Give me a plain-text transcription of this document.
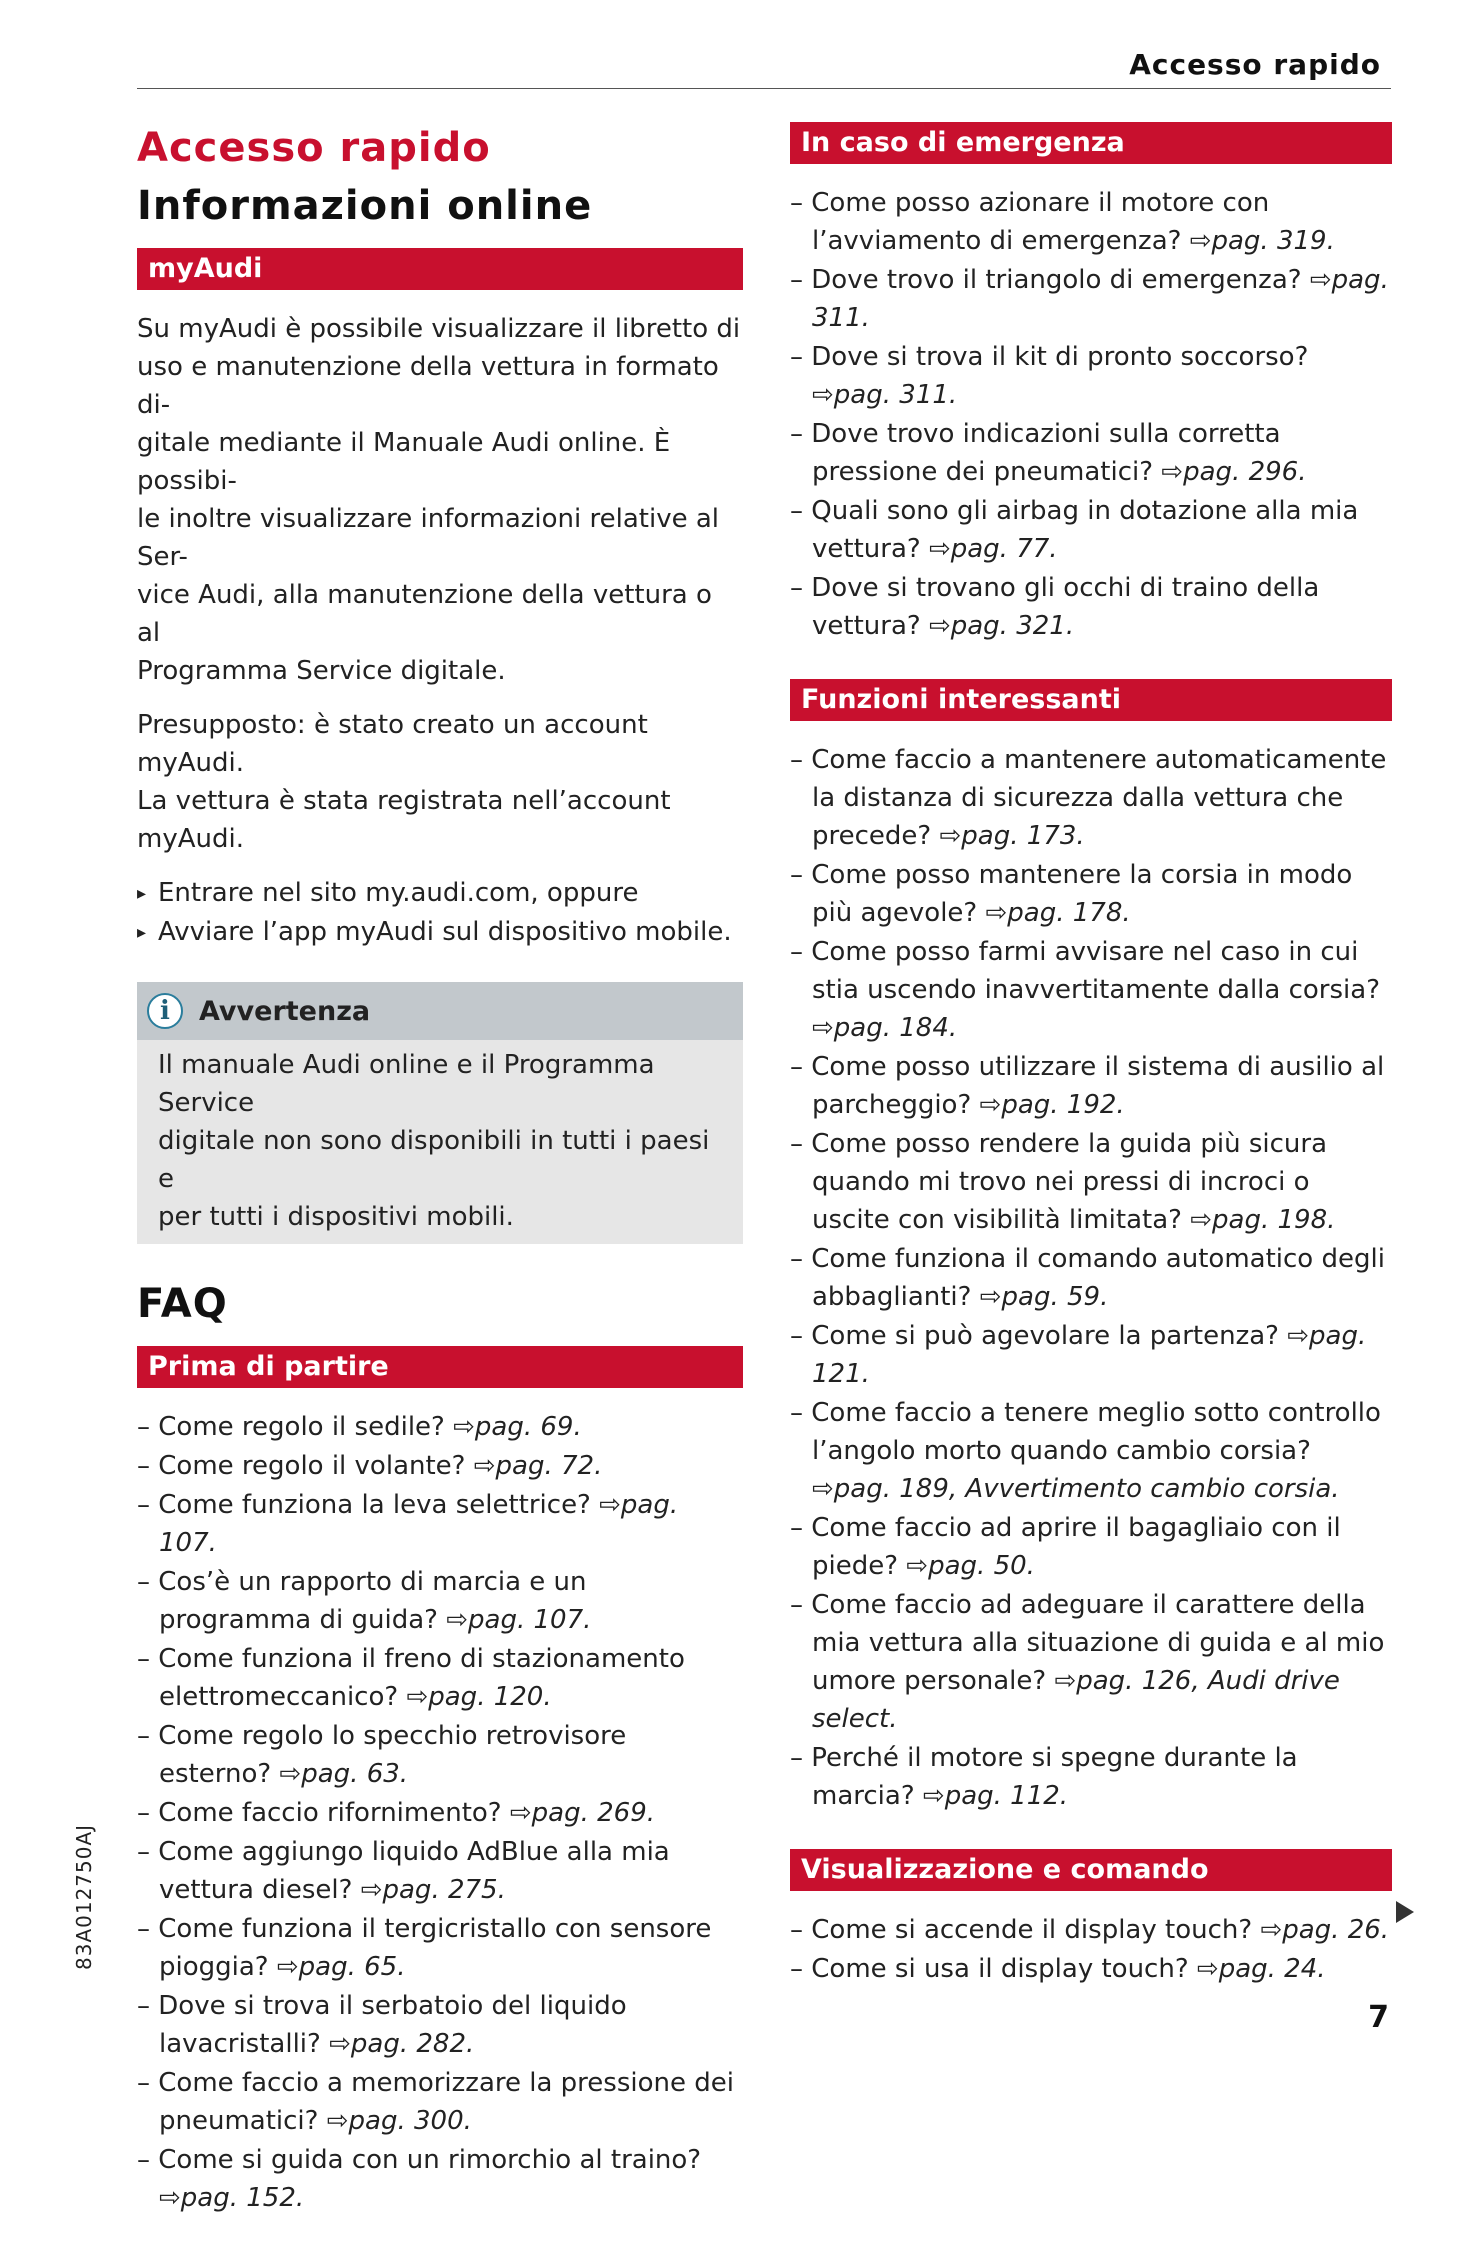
Accesso rapido
Accesso rapido
Informazioni online
myAudi
Su myAudi è possibile visualizzare il libretto di
uso e manutenzione della vettura in formato di-
gitale mediante il Manuale Audi online. È possibi-
le inoltre visualizzare informazioni relative al Ser-
vice Audi, alla manutenzione della vettura o al
Programma Service digitale.
Presupposto: è stato creato un account myAudi.
La vettura è stata registrata nell’account myAudi.
▸ Entrare nel sito my.audi.com, oppure
▸ Avviare l’app myAudi sul dispositivo mobile.
i	Avvertenza
Il manuale Audi online e il Programma Service
digitale non sono disponibili in tutti i paesi e
per tutti i dispositivi mobili.
FAQ
Prima di partire
– Come regolo il sedile? ⇨pag. 69.
– Come regolo il volante? ⇨pag. 72.
– Come funziona la leva selettrice? ⇨pag. 107.
– Cos’è un rapporto di marcia e un programma di guida? ⇨pag. 107.
– Come funziona il freno di stazionamento elettromeccanico? ⇨pag. 120.
– Come regolo lo specchio retrovisore esterno? ⇨pag. 63.
– Come faccio rifornimento? ⇨pag. 269.
– Come aggiungo liquido AdBlue alla mia vettura diesel? ⇨pag. 275.
– Come funziona il tergicristallo con sensore pioggia? ⇨pag. 65.
– Dove si trova il serbatoio del liquido lavacristalli? ⇨pag. 282.
– Come faccio a memorizzare la pressione dei pneumatici? ⇨pag. 300.
– Come si guida con un rimorchio al traino? ⇨pag. 152.
In caso di emergenza
– Come posso azionare il motore con l’avviamento di emergenza? ⇨pag. 319.
– Dove trovo il triangolo di emergenza? ⇨pag. 311.
– Dove si trova il kit di pronto soccorso? ⇨pag. 311.
– Dove trovo indicazioni sulla corretta pressione dei pneumatici? ⇨pag. 296.
– Quali sono gli airbag in dotazione alla mia vettura? ⇨pag. 77.
– Dove si trovano gli occhi di traino della vettura? ⇨pag. 321.
Funzioni interessanti
– Come faccio a mantenere automaticamente la distanza di sicurezza dalla vettura che precede? ⇨pag. 173.
– Come posso mantenere la corsia in modo più agevole? ⇨pag. 178.
– Come posso farmi avvisare nel caso in cui stia uscendo inavvertitamente dalla corsia? ⇨pag. 184.
– Come posso utilizzare il sistema di ausilio al parcheggio? ⇨pag. 192.
– Come posso rendere la guida più sicura quando mi trovo nei pressi di incroci o uscite con visibilità limitata? ⇨pag. 198.
– Come funziona il comando automatico degli abbaglianti? ⇨pag. 59.
– Come si può agevolare la partenza? ⇨pag. 121.
– Come faccio a tenere meglio sotto controllo l’angolo morto quando cambio corsia? ⇨pag. 189, Avvertimento cambio corsia.
– Come faccio ad aprire il bagagliaio con il piede? ⇨pag. 50.
– Come faccio ad adeguare il carattere della mia vettura alla situazione di guida e al mio umore personale? ⇨pag. 126, Audi drive select.
– Perché il motore si spegne durante la marcia? ⇨pag. 112.
Visualizzazione e comando
– Come si accende il display touch? ⇨pag. 26.
– Come si usa il display touch? ⇨pag. 24.
83A012750AJ
7
